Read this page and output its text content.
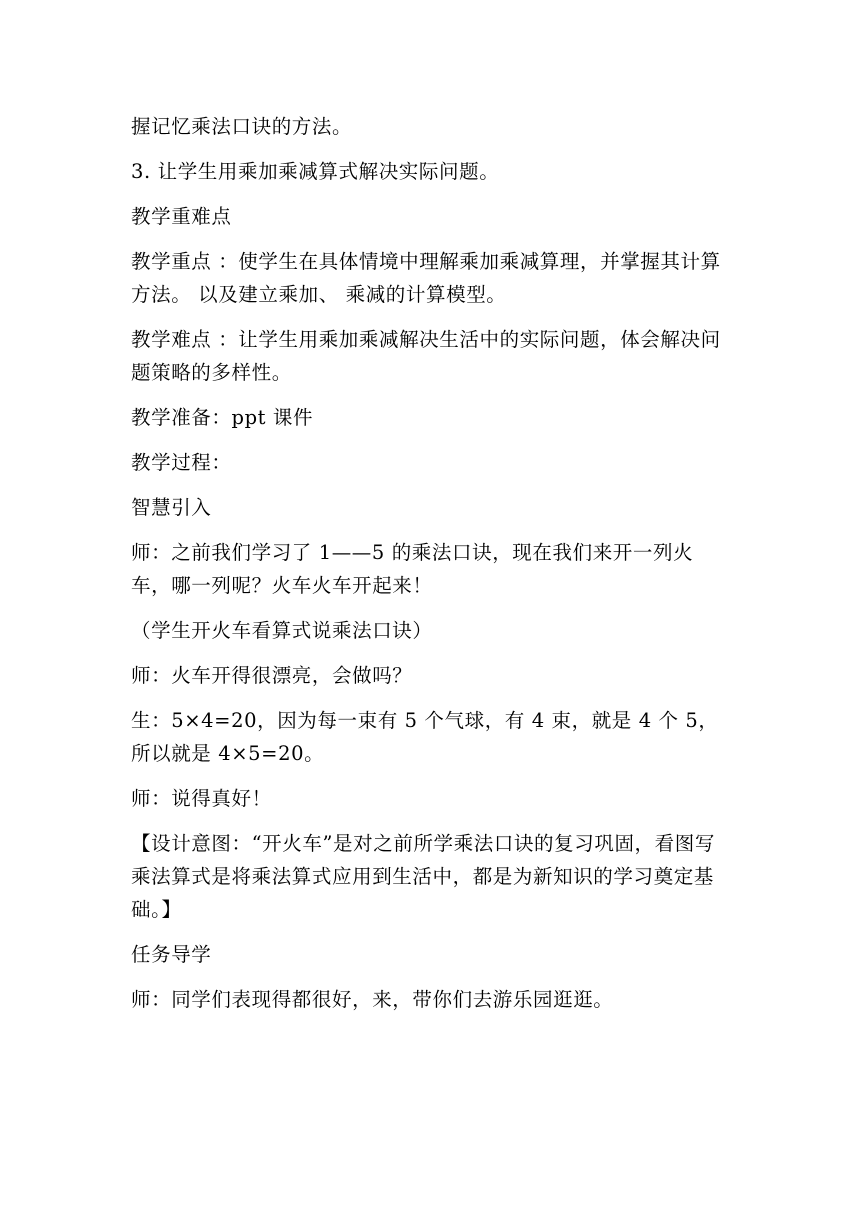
握记忆乘法口诀的方法。

3. 让学生用乘加乘减算式解决实际问题。

教学重难点

教学重点 ：使学生在具体情境中理解乘加乘减算理，并掌握其计算方法。 以及建立乘加、 乘减的计算模型。

教学难点 ：让学生用乘加乘减解决生活中的实际问题，体会解决问题策略的多样性。

教学准备：ppt 课件

教学过程：

智慧引入

师：之前我们学习了 1——5 的乘法口诀，现在我们来开一列火车，哪一列呢？火车火车开起来！

（学生开火车看算式说乘法口诀）

师：火车开得很漂亮，会做吗？

生：5×4=20，因为每一束有 5 个气球，有 4 束，就是 4 个 5，所以就是 4×5=20。

师：说得真好！

【设计意图：“开火车”是对之前所学乘法口诀的复习巩固，看图写乘法算式是将乘法算式应用到生活中，都是为新知识的学习奠定基础。】

任务导学

师：同学们表现得都很好，来，带你们去游乐园逛逛。
